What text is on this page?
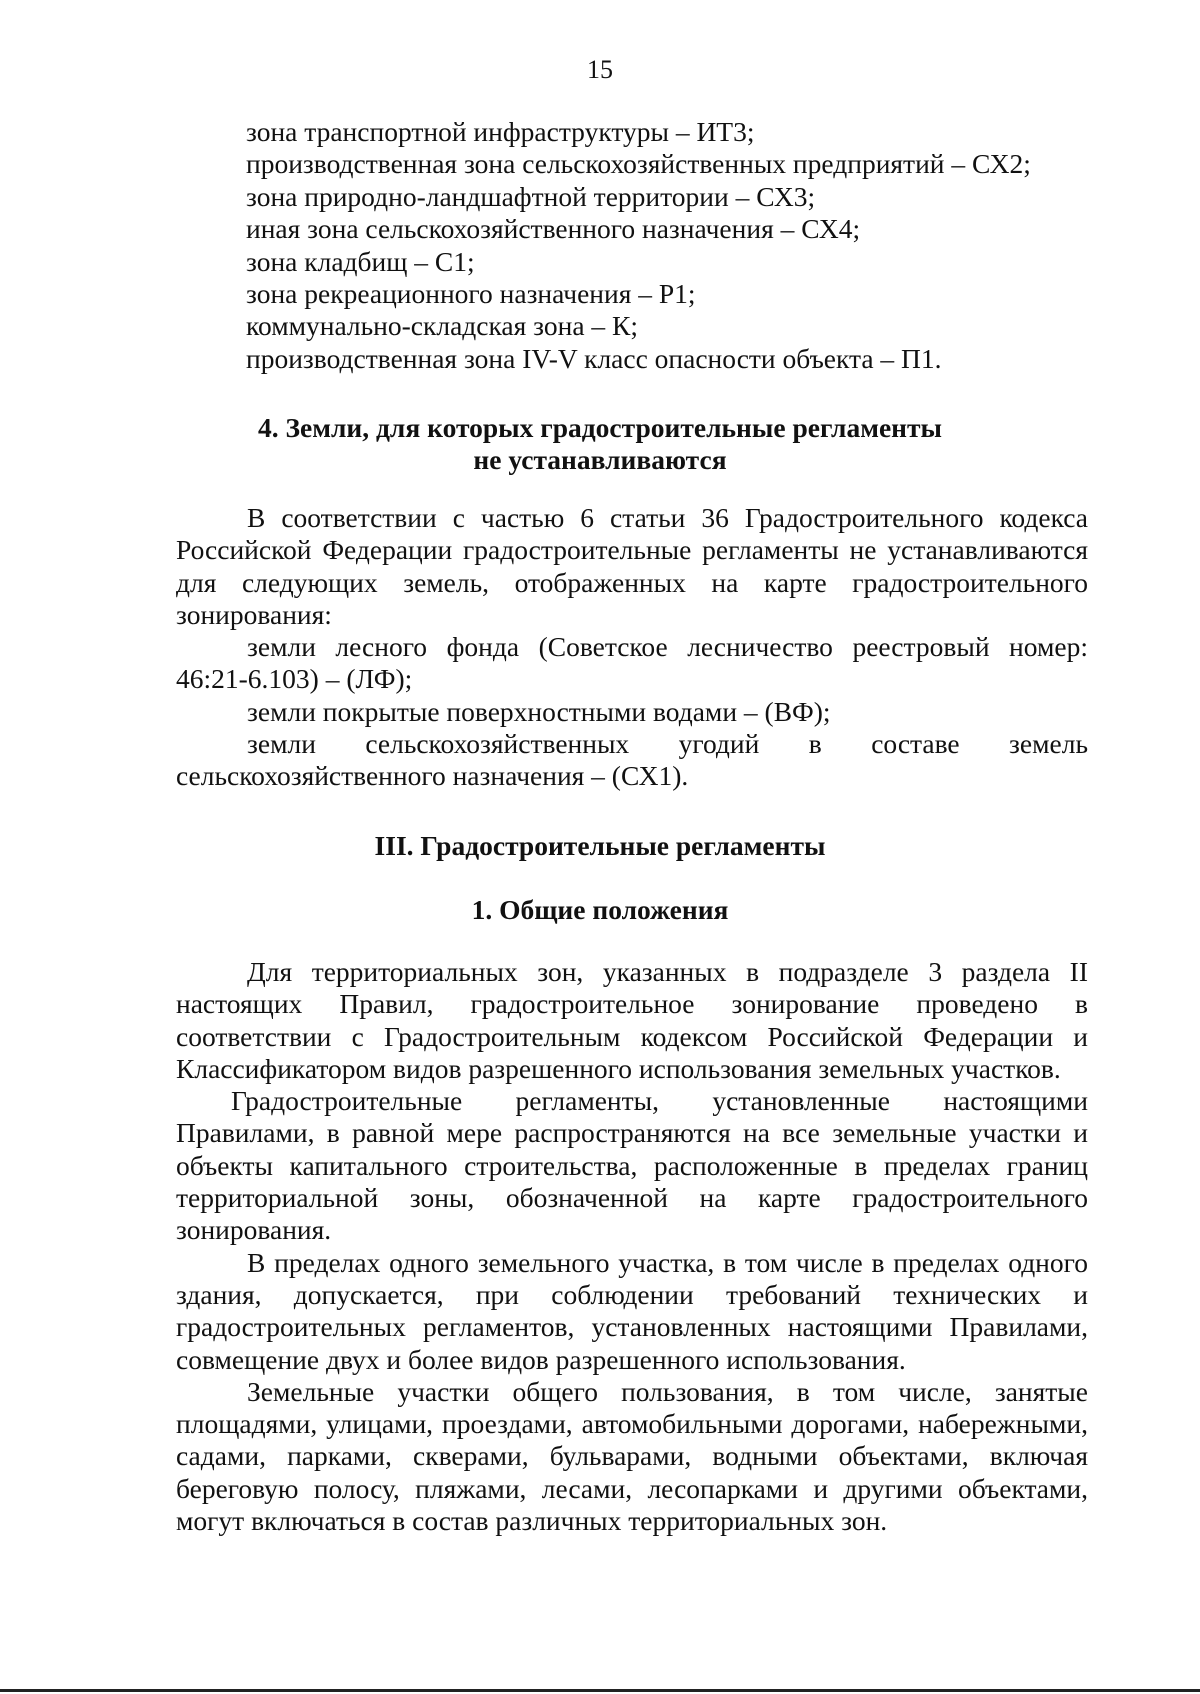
15
зона транспортной инфраструктуры – ИТ3;
производственная зона сельскохозяйственных предприятий – СХ2;
зона природно-ландшафтной территории – СХ3;
иная зона сельскохозяйственного назначения – СХ4;
зона кладбищ – С1;
зона рекреационного назначения – Р1;
коммунально-складская зона – К;
производственная зона IV-V класс опасности объекта – П1.
4. Земли, для которых градостроительные регламенты
не устанавливаются

В соответствии с частью 6 статьи 36 Градостроительного кодекса Российской Федерации градостроительные регламенты не устанавливаются для следующих земель, отображенных на карте градостроительного зонирования:

земли лесного фонда (Советское лесничество реестровый номер: 46:21-6.103) – (ЛФ);

земли покрытые поверхностными водами – (ВФ);

земли сельскохозяйственных угодий в составе земель сельскохозяйственного назначения – (СХ1).

III. Градостроительные регламенты
1. Общие положения

Для территориальных зон, указанных в подразделе 3 раздела II настоящих Правил, градостроительное зонирование проведено в соответствии с Градостроительным кодексом Российской Федерации и Классификатором видов разрешенного использования земельных участков.

Градостроительные регламенты, установленные настоящими Правилами, в равной мере распространяются на все земельные участки и объекты капитального строительства, расположенные в пределах границ территориальной зоны, обозначенной на карте градостроительного зонирования.

В пределах одного земельного участка, в том числе в пределах одного здания, допускается, при соблюдении требований технических и градостроительных регламентов, установленных настоящими Правилами, совмещение двух и более видов разрешенного использования.

Земельные участки общего пользования, в том числе, занятые площадями, улицами, проездами, автомобильными дорогами, набережными, садами, парками, скверами, бульварами, водными объектами, включая береговую полосу, пляжами, лесами, лесопарками и другими объектами, могут включаться в состав различных территориальных зон.
